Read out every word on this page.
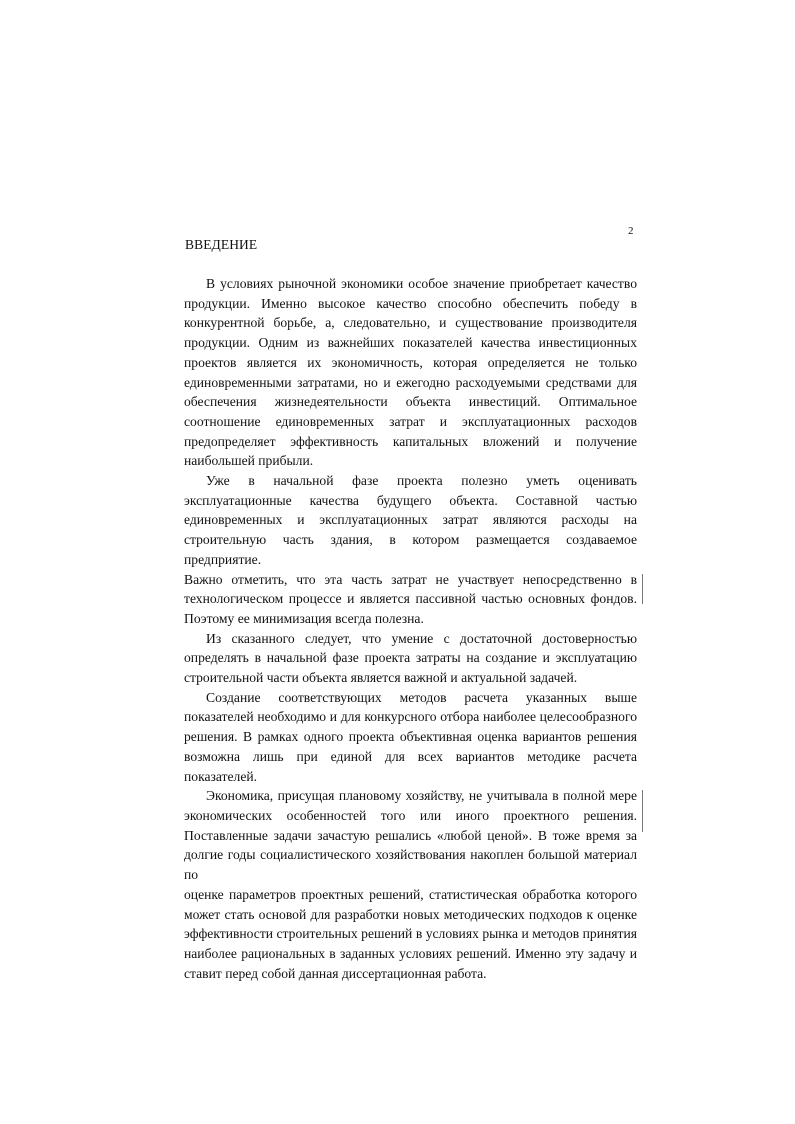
2
ВВЕДЕНИЕ
В условиях рыночной экономики особое значение приобретает качество
продукции. Именно высокое качество способно обеспечить победу в
конкурентной борьбе, а, следовательно, и существование производителя
продукции. Одним из важнейших показателей качества инвестиционных
проектов является их экономичность, которая определяется не только
единовременными затратами, но и ежегодно расходуемыми средствами для
обеспечения жизнедеятельности объекта инвестиций. Оптимальное
соотношение единовременных затрат и эксплуатационных расходов
предопределяет эффективность капитальных вложений и получение
наибольшей прибыли.
Уже в начальной фазе проекта полезно уметь оценивать
эксплуатационные качества будущего объекта. Составной частью
единовременных и эксплуатационных затрат являются расходы на
строительную часть здания, в котором размещается создаваемое предприятие.
Важно отметить, что эта часть затрат не участвует непосредственно в
технологическом процессе и является пассивной частью основных фондов.
Поэтому ее минимизация всегда полезна.
Из сказанного следует, что умение с достаточной достоверностью
определять в начальной фазе проекта затраты на создание и эксплуатацию
строительной части объекта является важной и актуальной задачей.
Создание соответствующих методов расчета указанных выше
показателей необходимо и для конкурсного отбора наиболее целесообразного
решения. В рамках одного проекта объективная оценка вариантов решения
возможна лишь при единой для всех вариантов методике расчета показателей.
Экономика, присущая плановому хозяйству, не учитывала в полной мере
экономических особенностей того или иного проектного решения.
Поставленные задачи зачастую решались «любой ценой». В тоже время за
долгие годы социалистического хозяйствования накоплен большой материал по
оценке параметров проектных решений, статистическая обработка которого
может стать основой для разработки новых методических подходов к оценке
эффективности строительных решений в условиях рынка и методов принятия
наиболее рациональных в заданных условиях решений. Именно эту задачу и
ставит перед собой данная диссертационная работа.
